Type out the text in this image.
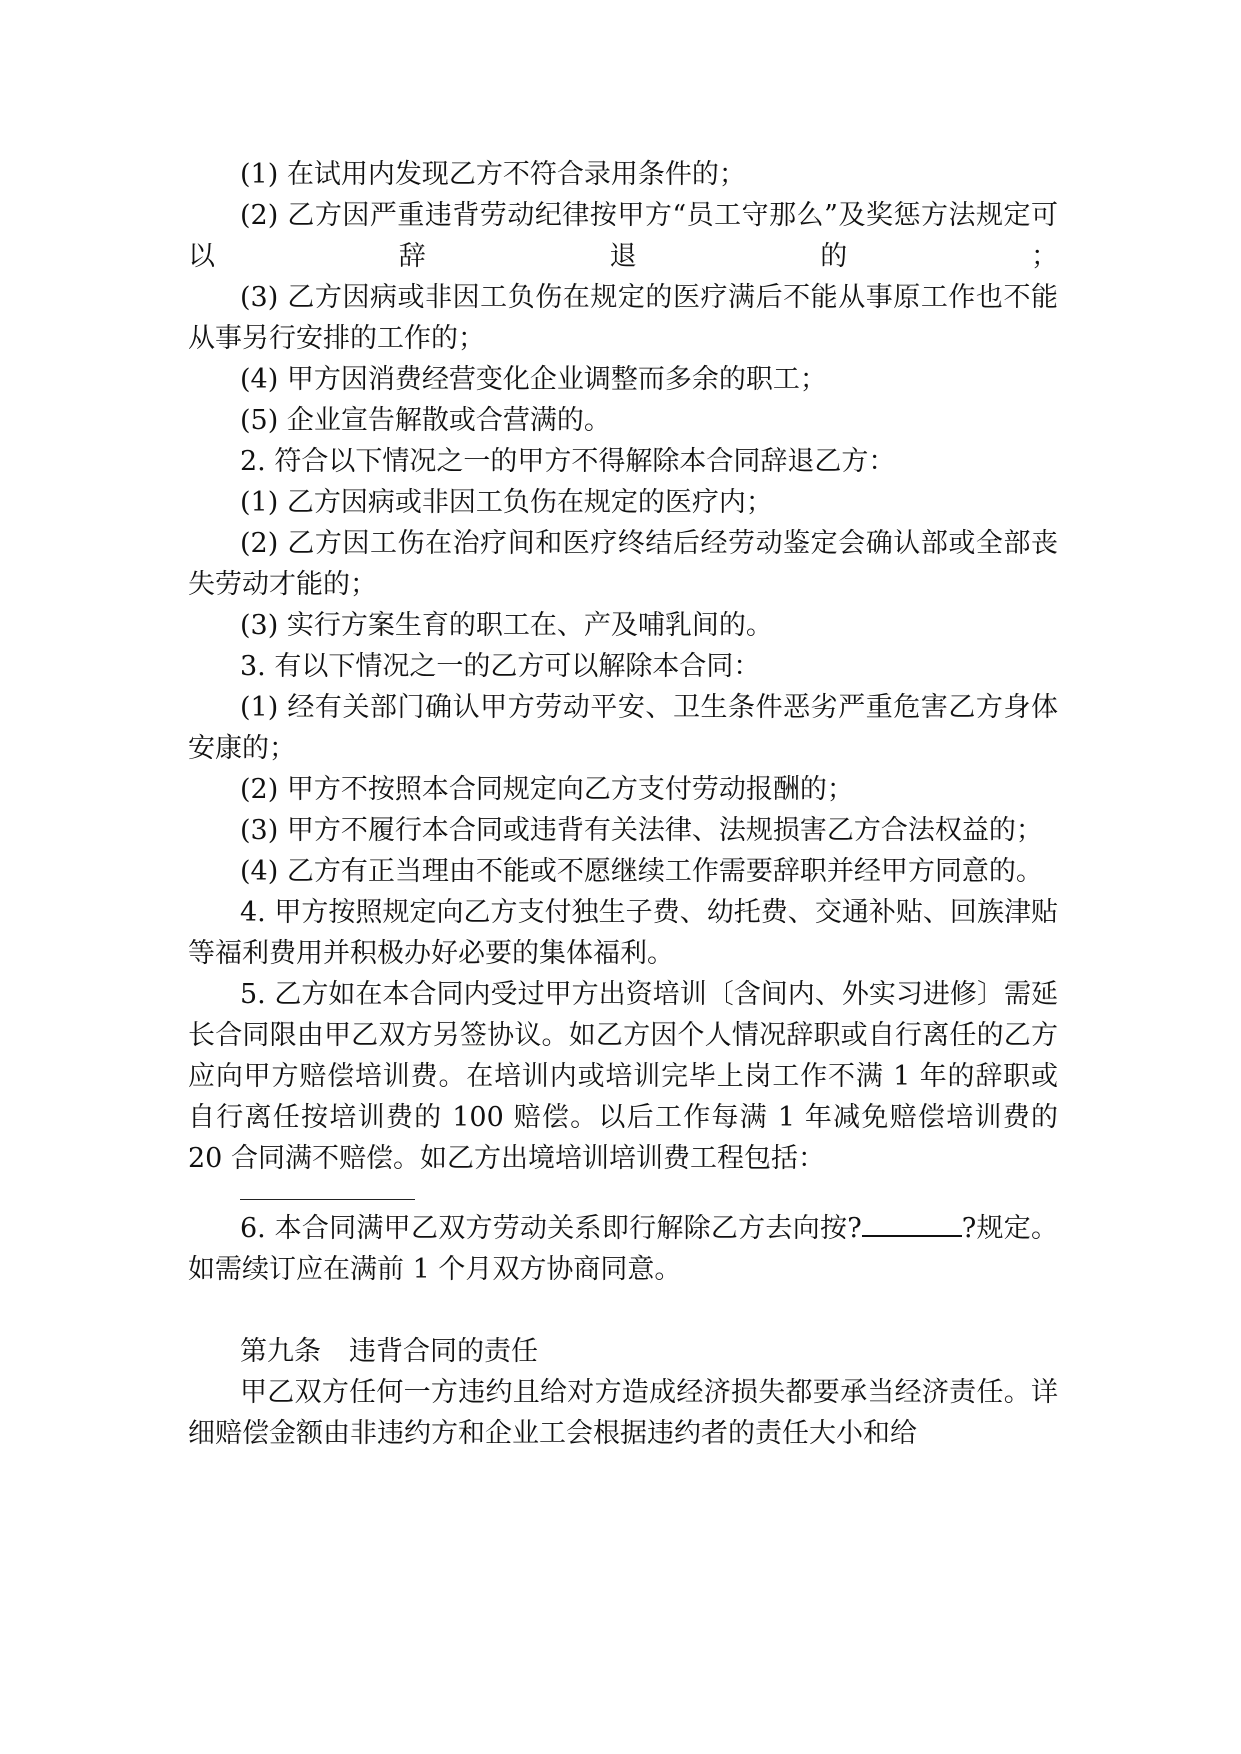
(1) 在试用内发现乙方不符合录用条件的；

(2) 乙方因严重违背劳动纪律按甲方“员工守那么”及奖惩方法规定可以辞退的；

(3) 乙方因病或非因工负伤在规定的医疗满后不能从事原工作也不能从事另行安排的工作的；

(4) 甲方因消费经营变化企业调整而多余的职工；

(5) 企业宣告解散或合营满的。

2. 符合以下情况之一的甲方不得解除本合同辞退乙方：

(1) 乙方因病或非因工负伤在规定的医疗内；

(2) 乙方因工伤在治疗间和医疗终结后经劳动鉴定会确认部或全部丧失劳动才能的；

(3) 实行方案生育的职工在、产及哺乳间的。

3. 有以下情况之一的乙方可以解除本合同：

(1) 经有关部门确认甲方劳动平安、卫生条件恶劣严重危害乙方身体安康的；

(2) 甲方不按照本合同规定向乙方支付劳动报酬的；

(3) 甲方不履行本合同或违背有关法律、法规损害乙方合法权益的；

(4) 乙方有正当理由不能或不愿继续工作需要辞职并经甲方同意的。

4. 甲方按照规定向乙方支付独生子费、幼托费、交通补贴、回族津贴等福利费用并积极办好必要的集体福利。

5. 乙方如在本合同内受过甲方出资培训〔含间内、外实习进修〕需延长合同限由甲乙双方另签协议。如乙方因个人情况辞职或自行离任的乙方应向甲方赔偿培训费。在培训内或培训完毕上岗工作不满 1 年的辞职或自行离任按培训费的 100 赔偿。以后工作每满 1 年减免赔偿培训费的 20 合同满不赔偿。如乙方出境培训培训费工程包括：

6. 本合同满甲乙双方劳动关系即行解除乙方去向按?	?规定。如需续订应在满前 1 个月双方协商同意。

第九条 违背合同的责任

甲乙双方任何一方违约且给对方造成经济损失都要承当经济责任。详细赔偿金额由非违约方和企业工会根据违约者的责任大小和给
